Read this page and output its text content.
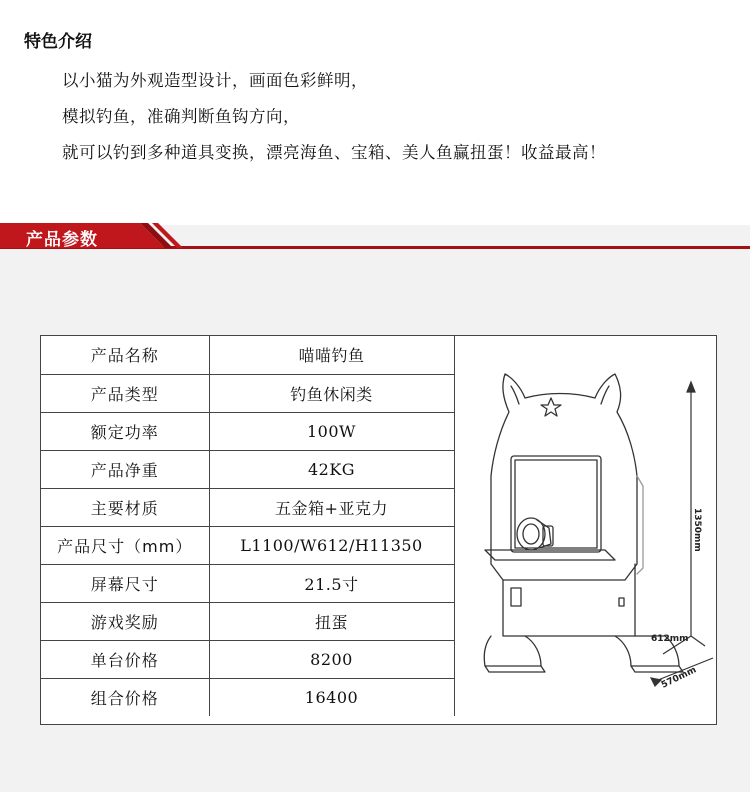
特色介绍
以小猫为外观造型设计，画面色彩鲜明，
模拟钓鱼，准确判断鱼钩方向，
就可以钓到多种道具变换，漂亮海鱼、宝箱、美人鱼赢扭蛋！收益最高！
产品参数
产品名称	喵喵钓鱼
产品类型	钓鱼休闲类
额定功率	100W
产品净重	42KG
主要材质	五金箱+亚克力
产品尺寸（mm）	L1100/W612/H11350
屏幕尺寸	21.5寸
游戏奖励	扭蛋
单台价格	8200
组合价格	16400
1350mm
612mm
570mm
